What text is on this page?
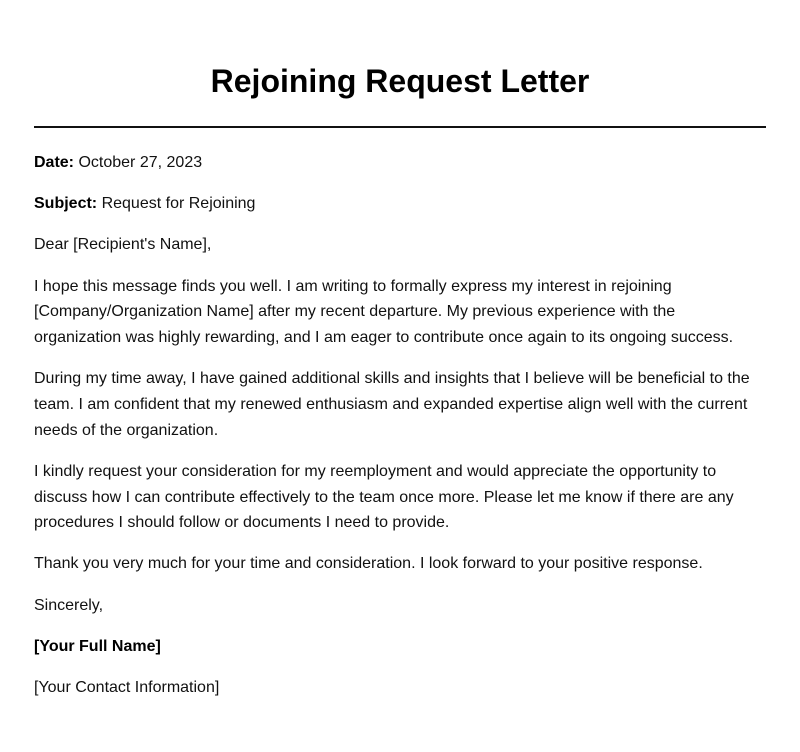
Rejoining Request Letter

Date: October 27, 2023

Subject: Request for Rejoining

Dear [Recipient's Name],

I hope this message finds you well. I am writing to formally express my interest in rejoining [Company/Organization Name] after my recent departure. My previous experience with the organization was highly rewarding, and I am eager to contribute once again to its ongoing success.

During my time away, I have gained additional skills and insights that I believe will be beneficial to the team. I am confident that my renewed enthusiasm and expanded expertise align well with the current needs of the organization.

I kindly request your consideration for my reemployment and would appreciate the opportunity to discuss how I can contribute effectively to the team once more. Please let me know if there are any procedures I should follow or documents I need to provide.

Thank you very much for your time and consideration. I look forward to your positive response.

Sincerely,

[Your Full Name]

[Your Contact Information]
